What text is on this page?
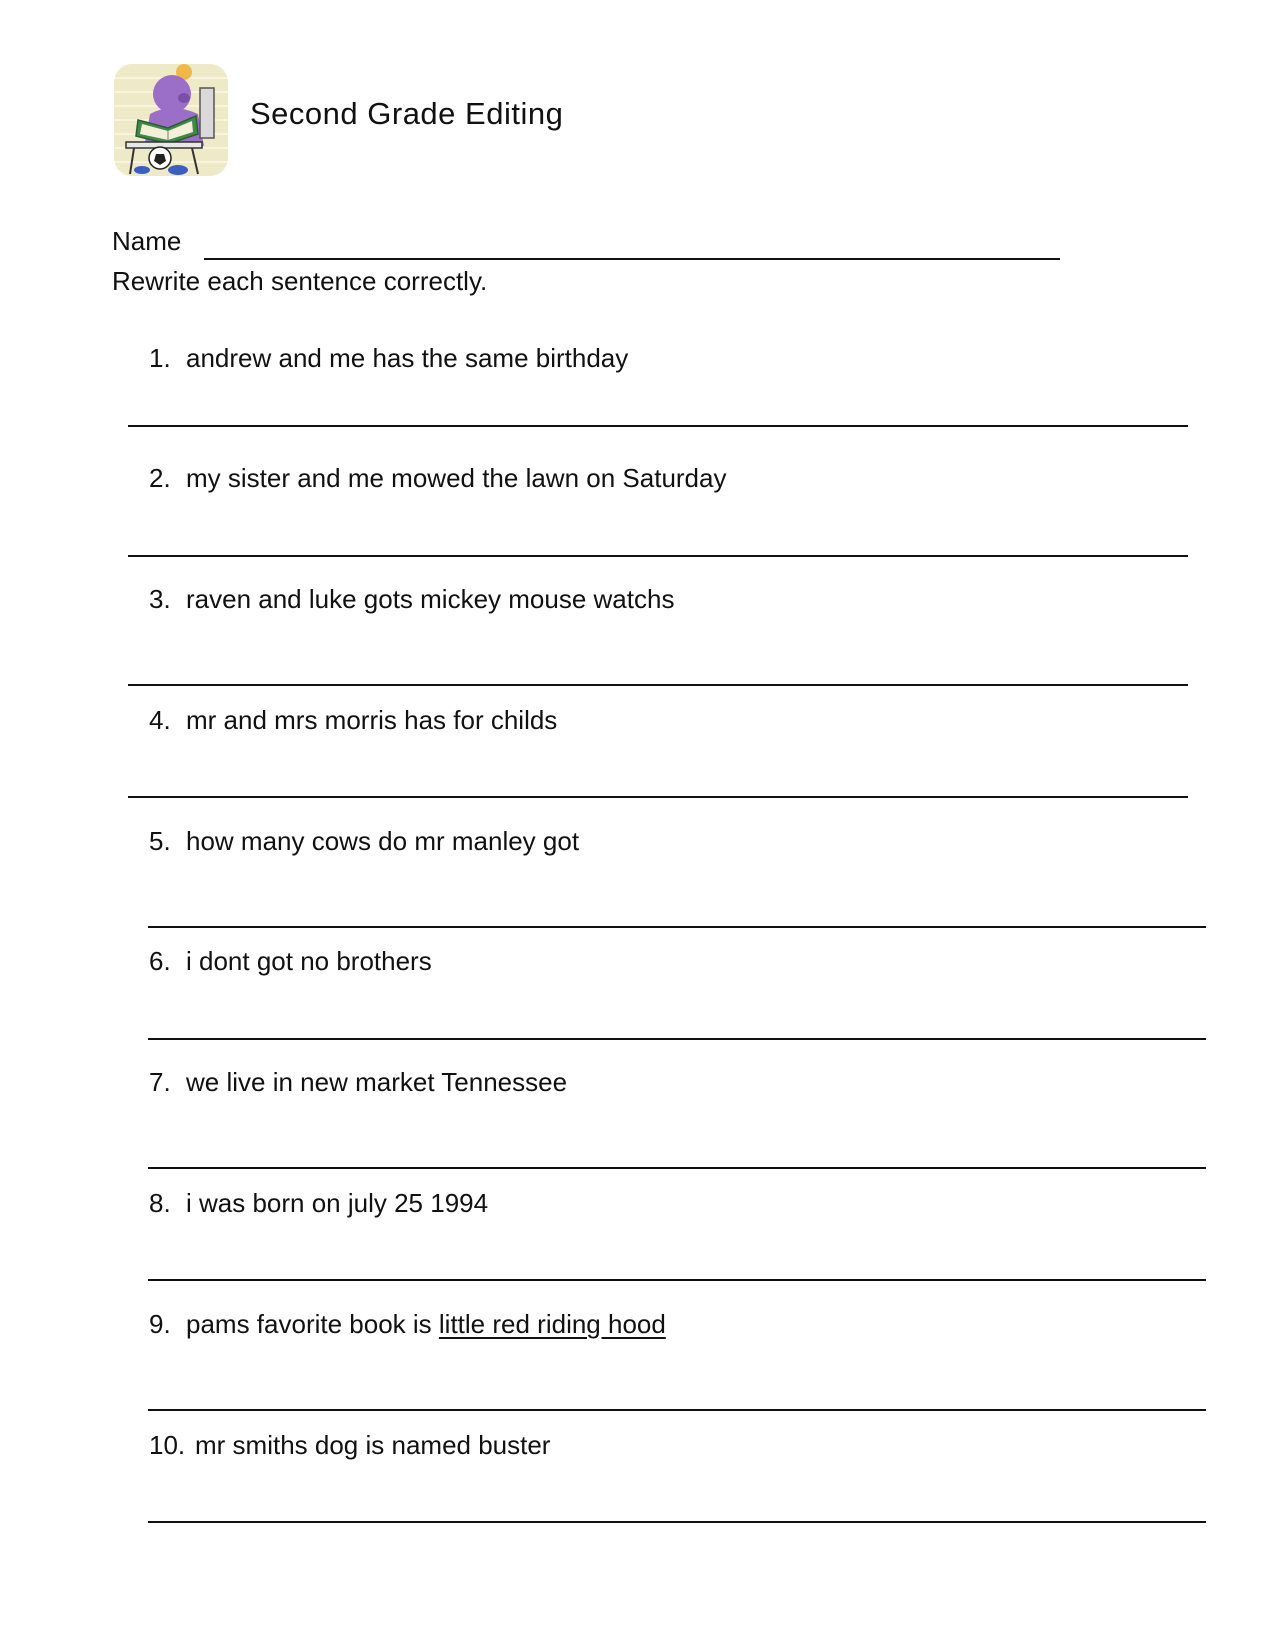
Second Grade Editing
Name
Rewrite each sentence correctly.
1. andrew and me has the same birthday
2. my sister and me mowed the lawn on Saturday
3. raven and luke gots mickey mouse watchs
4. mr and mrs morris has for childs
5. how many cows do mr manley got
6. i dont got no brothers
7. we live in new market Tennessee
8. i was born on july 25 1994
9. pams favorite book is little red riding hood
10. mr smiths dog is named buster
